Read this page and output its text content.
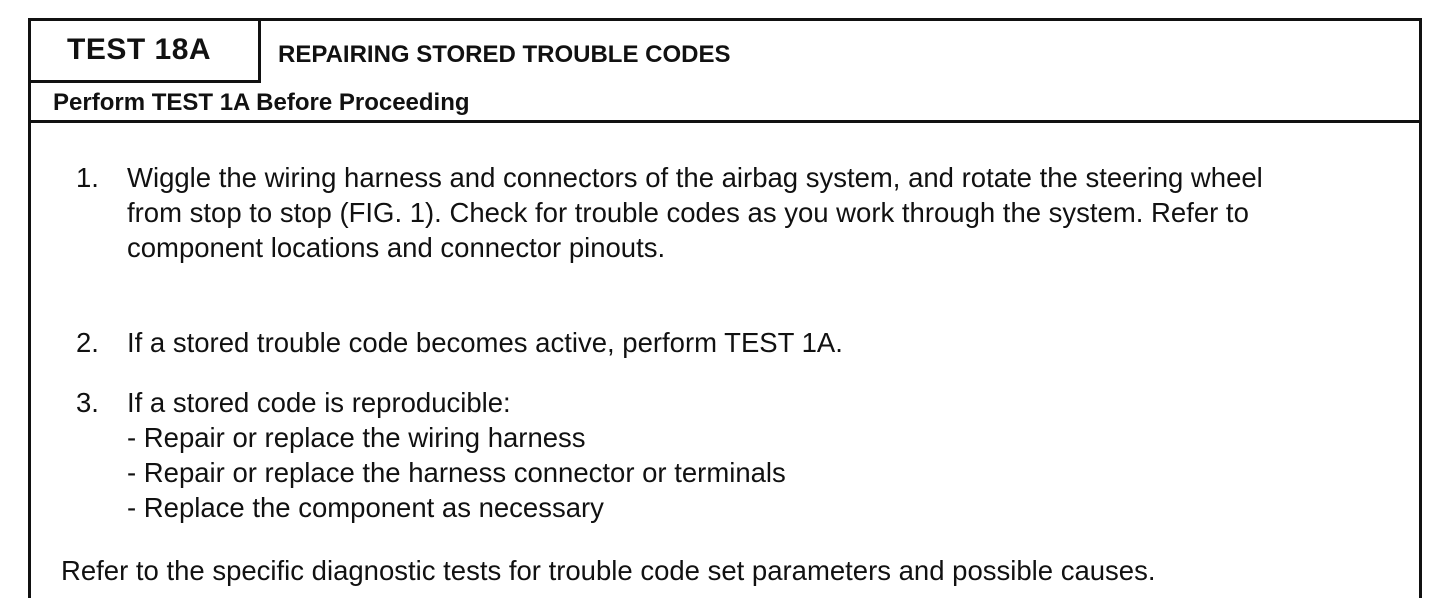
TEST 18A	REPAIRING STORED TROUBLE CODES
Perform TEST 1A Before Proceeding
1. Wiggle the wiring harness and connectors of the airbag system, and rotate the steering wheel
from stop to stop (FIG. 1). Check for trouble codes as you work through the system. Refer to
component locations and connector pinouts.
2. If a stored trouble code becomes active, perform TEST 1A.
3. If a stored code is reproducible:
- Repair or replace the wiring harness
- Repair or replace the harness connector or terminals
- Replace the component as necessary
Refer to the specific diagnostic tests for trouble code set parameters and possible causes.
